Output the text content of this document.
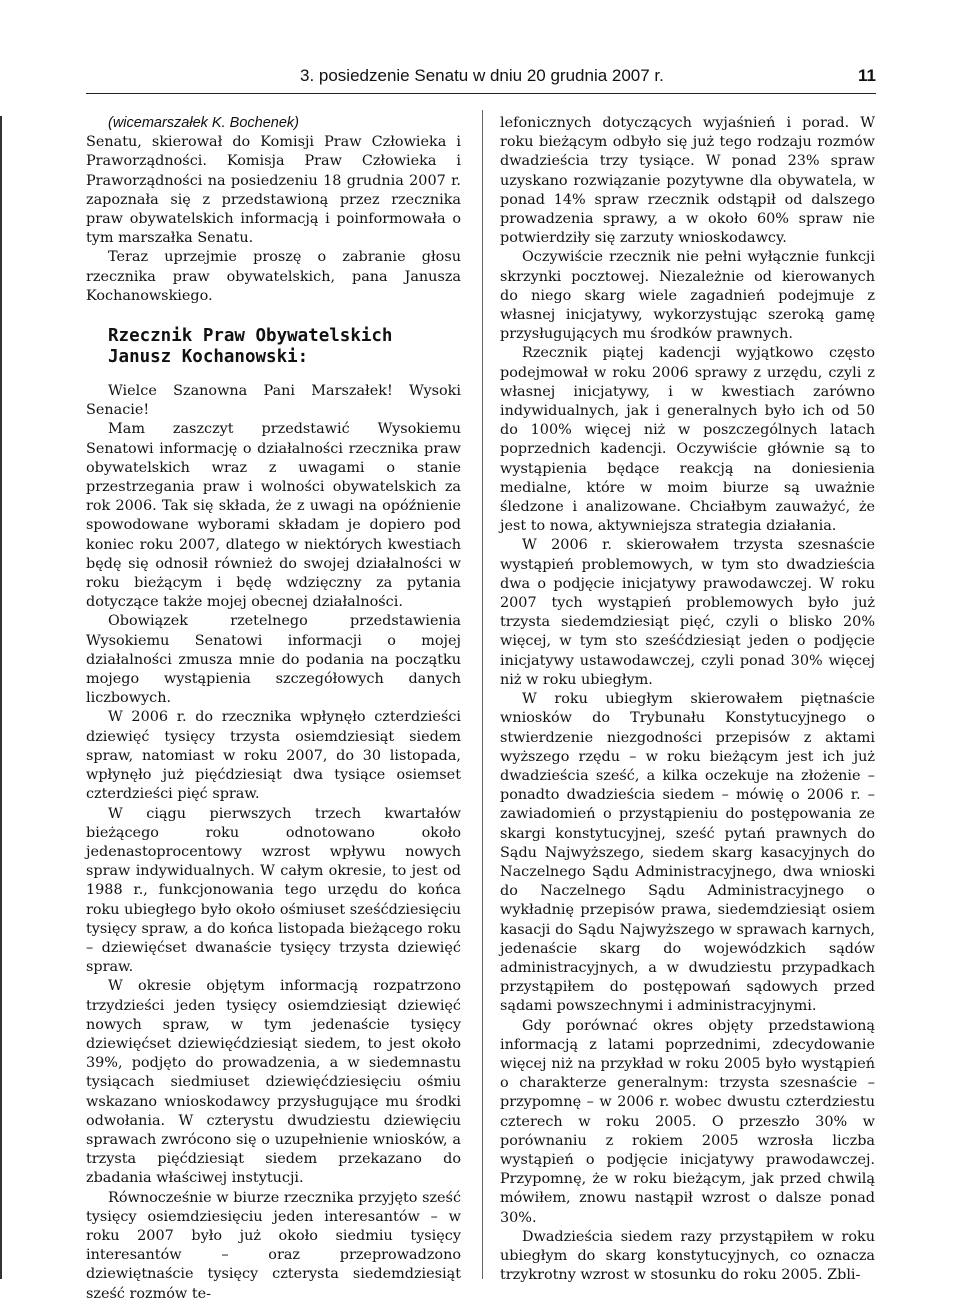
3. posiedzenie Senatu w dniu 20 grudnia 2007 r.	11

(wicemarszałek K. Bochenek)

Senatu, skierował do Komisji Praw Człowieka i Praworządności. Komisja Praw Człowieka i Praworządności na posiedzeniu 18 grudnia 2007 r. zapoznała się z przedstawioną przez rzecznika praw obywatelskich informacją i poinformowała o tym marszałka Senatu.

Teraz uprzejmie proszę o zabranie głosu rzecznika praw obywatelskich, pana Janusza Kochanowskiego.

Rzecznik Praw Obywatelskich
Janusz Kochanowski:

Wielce Szanowna Pani Marszałek! Wysoki Senacie!

Mam zaszczyt przedstawić Wysokiemu Senatowi informację o działalności rzecznika praw obywatelskich wraz z uwagami o stanie przestrzegania praw i wolności obywatelskich za rok 2006. Tak się składa, że z uwagi na opóźnienie spowodowane wyborami składam je dopiero pod koniec roku 2007, dlatego w niektórych kwestiach będę się odnosił również do swojej działalności w roku bieżącym i będę wdzięczny za pytania dotyczące także mojej obecnej działalności.

Obowiązek rzetelnego przedstawienia Wysokiemu Senatowi informacji o mojej działalności zmusza mnie do podania na początku mojego wystąpienia szczegółowych danych liczbowych.

W 2006 r. do rzecznika wpłynęło czterdzieści dziewięć tysięcy trzysta osiemdziesiąt siedem spraw, natomiast w roku 2007, do 30 listopada, wpłynęło już pięćdziesiąt dwa tysiące osiemset czterdzieści pięć spraw.

W ciągu pierwszych trzech kwartałów bieżącego roku odnotowano około jedenastoprocentowy wzrost wpływu nowych spraw indywidualnych. W całym okresie, to jest od 1988 r., funkcjonowania tego urzędu do końca roku ubiegłego było około ośmiuset sześćdziesięciu tysięcy spraw, a do końca listopada bieżącego roku – dziewięćset dwanaście tysięcy trzysta dziewięć spraw.

W okresie objętym informacją rozpatrzono trzydzieści jeden tysięcy osiemdziesiąt dziewięć nowych spraw, w tym jedenaście tysięcy dziewięćset dziewięćdziesiąt siedem, to jest około 39%, podjęto do prowadzenia, a w siedemnastu tysiącach siedmiuset dziewięćdziesięciu ośmiu wskazano wnioskodawcy przysługujące mu środki odwołania. W czterystu dwudziestu dziewięciu sprawach zwrócono się o uzupełnienie wniosków, a trzysta pięćdziesiąt siedem przekazano do zbadania właściwej instytucji.

Równocześnie w biurze rzecznika przyjęto sześć tysięcy osiemdziesięciu jeden interesantów – w roku 2007 było już około siedmiu tysięcy interesantów – oraz przeprowadzono dziewiętnaście tysięcy czterysta siedemdziesiąt sześć rozmów te-

lefonicznych dotyczących wyjaśnień i porad. W roku bieżącym odbyło się już tego rodzaju rozmów dwadzieścia trzy tysiące. W ponad 23% spraw uzyskano rozwiązanie pozytywne dla obywatela, w ponad 14% spraw rzecznik odstąpił od dalszego prowadzenia sprawy, a w około 60% spraw nie potwierdziły się zarzuty wnioskodawcy.

Oczywiście rzecznik nie pełni wyłącznie funkcji skrzynki pocztowej. Niezależnie od kierowanych do niego skarg wiele zagadnień podejmuje z własnej inicjatywy, wykorzystując szeroką gamę przysługujących mu środków prawnych.

Rzecznik piątej kadencji wyjątkowo często podejmował w roku 2006 sprawy z urzędu, czyli z własnej inicjatywy, i w kwestiach zarówno indywidualnych, jak i generalnych było ich od 50 do 100% więcej niż w poszczególnych latach poprzednich kadencji. Oczywiście głównie są to wystąpienia będące reakcją na doniesienia medialne, które w moim biurze są uważnie śledzone i analizowane. Chciałbym zauważyć, że jest to nowa, aktywniejsza strategia działania.

W 2006 r. skierowałem trzysta szesnaście wystąpień problemowych, w tym sto dwadzieścia dwa o podjęcie inicjatywy prawodawczej. W roku 2007 tych wystąpień problemowych było już trzysta siedemdziesiąt pięć, czyli o blisko 20% więcej, w tym sto sześćdziesiąt jeden o podjęcie inicjatywy ustawodawczej, czyli ponad 30% więcej niż w roku ubiegłym.

W roku ubiegłym skierowałem piętnaście wniosków do Trybunału Konstytucyjnego o stwierdzenie niezgodności przepisów z aktami wyższego rzędu – w roku bieżącym jest ich już dwadzieścia sześć, a kilka oczekuje na złożenie – ponadto dwadzieścia siedem – mówię o 2006 r. – zawiadomień o przystąpieniu do postępowania ze skargi konstytucyjnej, sześć pytań prawnych do Sądu Najwyższego, siedem skarg kasacyjnych do Naczelnego Sądu Administracyjnego, dwa wnioski do Naczelnego Sądu Administracyjnego o wykładnię przepisów prawa, siedemdziesiąt osiem kasacji do Sądu Najwyższego w sprawach karnych, jedenaście skarg do wojewódzkich sądów administracyjnych, a w dwudziestu przypadkach przystąpiłem do postępowań sądowych przed sądami powszechnymi i administracyjnymi.

Gdy porównać okres objęty przedstawioną informacją z latami poprzednimi, zdecydowanie więcej niż na przykład w roku 2005 było wystąpień o charakterze generalnym: trzysta szesnaście – przypomnę – w 2006 r. wobec dwustu czterdziestu czterech w roku 2005. O przeszło 30% w porównaniu z rokiem 2005 wzrosła liczba wystąpień o podjęcie inicjatywy prawodawczej. Przypomnę, że w roku bieżącym, jak przed chwilą mówiłem, znowu nastąpił wzrost o dalsze ponad 30%.

Dwadzieścia siedem razy przystąpiłem w roku ubiegłym do skarg konstytucyjnych, co oznacza trzykrotny wzrost w stosunku do roku 2005. Zbli-
